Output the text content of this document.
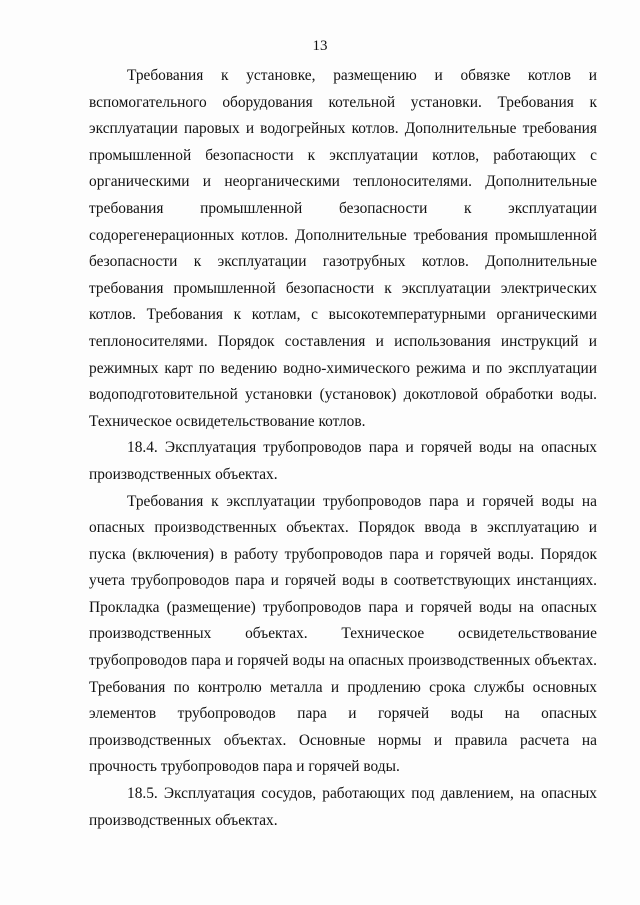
13

Требования к установке, размещению и обвязке котлов и вспомогательного оборудования котельной установки. Требования к эксплуатации паровых и водогрейных котлов. Дополнительные требования промышленной безопасности к эксплуатации котлов, работающих с органическими и неорганическими теплоносителями. Дополнительные требования промышленной безопасности к эксплуатации содорегенерационных котлов. Дополнительные требования промышленной безопасности к эксплуатации газотрубных котлов. Дополнительные требования промышленной безопасности к эксплуатации электрических котлов. Требования к котлам, с высокотемпературными органическими теплоносителями. Порядок составления и использования инструкций и режимных карт по ведению водно-химического режима и по эксплуатации водоподготовительной установки (установок) докотловой обработки воды. Техническое освидетельствование котлов.

18.4. Эксплуатация трубопроводов пара и горячей воды на опасных производственных объектах.

Требования к эксплуатации трубопроводов пара и горячей воды на опасных производственных объектах. Порядок ввода в эксплуатацию и пуска (включения) в работу трубопроводов пара и горячей воды. Порядок учета трубопроводов пара и горячей воды в соответствующих инстанциях. Прокладка (размещение) трубопроводов пара и горячей воды на опасных производственных объектах. Техническое освидетельствование трубопроводов пара и горячей воды на опасных производственных объектах. Требования по контролю металла и продлению срока службы основных элементов трубопроводов пара и горячей воды на опасных производственных объектах. Основные нормы и правила расчета на прочность трубопроводов пара и горячей воды.

18.5. Эксплуатация сосудов, работающих под давлением, на опасных производственных объектах.
